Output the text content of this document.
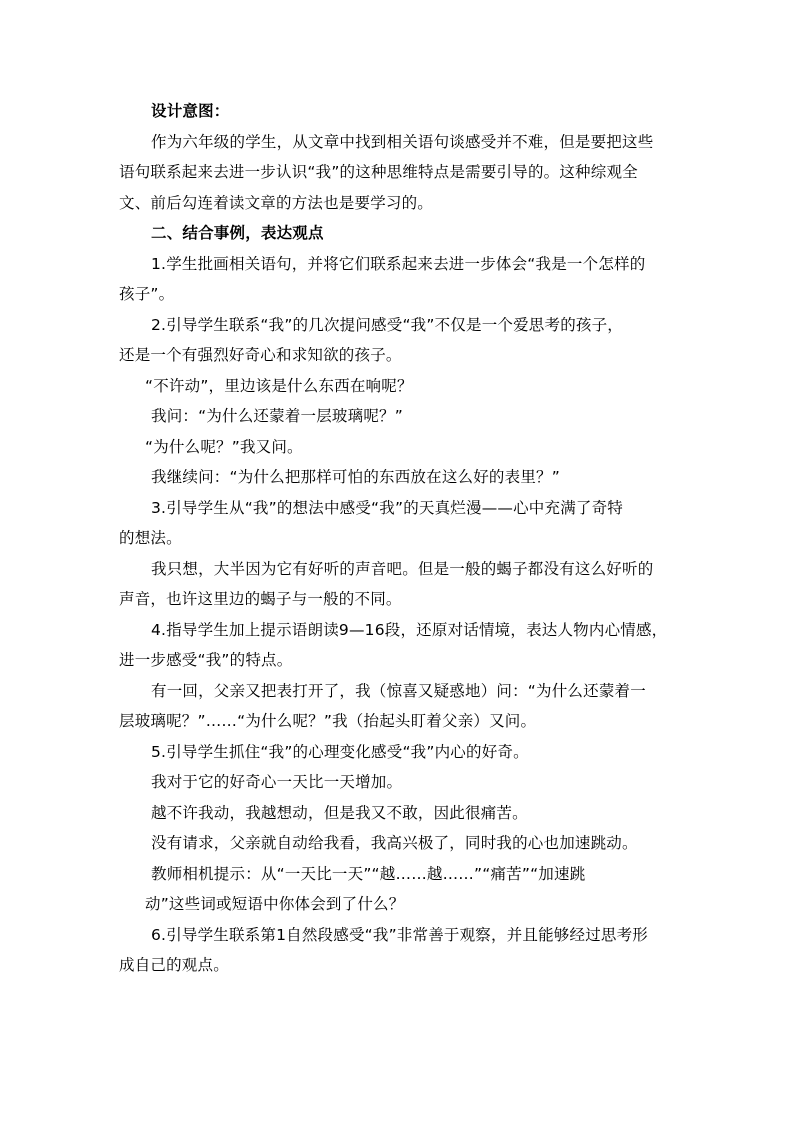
设计意图：
作为六年级的学生，从文章中找到相关语句谈感受并不难，但是要把这些
语句联系起来去进一步认识“我”的这种思维特点是需要引导的。这种综观全
文、前后勾连着读文章的方法也是要学习的。
二、结合事例，表达观点
1.学生批画相关语句，并将它们联系起来去进一步体会“我是一个怎样的
孩子”。
2.引导学生联系“我”的几次提问感受“我”不仅是一个爱思考的孩子，
还是一个有强烈好奇心和求知欲的孩子。
“不许动”，里边该是什么东西在响呢？
我问：“为什么还蒙着一层玻璃呢？”
“为什么呢？”我又问。
我继续问：“为什么把那样可怕的东西放在这么好的表里？”
3.引导学生从“我”的想法中感受“我”的天真烂漫——心中充满了奇特
的想法。
我只想，大半因为它有好听的声音吧。但是一般的蝎子都没有这么好听的
声音，也许这里边的蝎子与一般的不同。
4.指导学生加上提示语朗读9—16段，还原对话情境，表达人物内心情感，
进一步感受“我”的特点。
有一回，父亲又把表打开了，我（惊喜又疑惑地）问：“为什么还蒙着一
层玻璃呢？”……“为什么呢？”我（抬起头盯着父亲）又问。
5.引导学生抓住“我”的心理变化感受“我”内心的好奇。
我对于它的好奇心一天比一天增加。
越不许我动，我越想动，但是我又不敢，因此很痛苦。
没有请求，父亲就自动给我看，我高兴极了，同时我的心也加速跳动。
教师相机提示：从“一天比一天”“越……越……”“痛苦”“加速跳
动”这些词或短语中你体会到了什么？
6.引导学生联系第1自然段感受“我”非常善于观察，并且能够经过思考形
成自己的观点。
